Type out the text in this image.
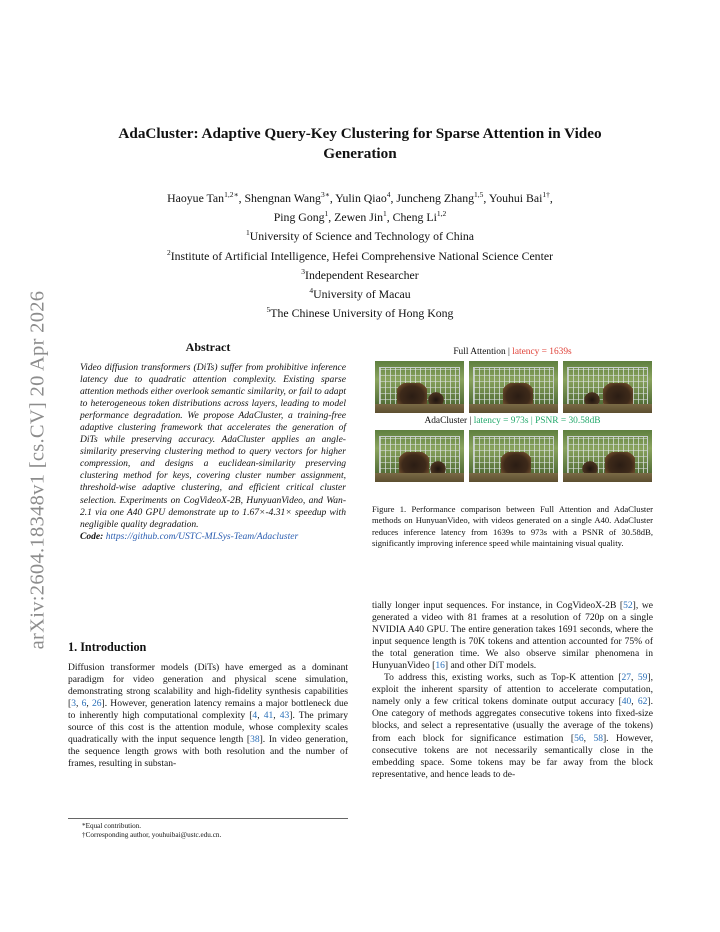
arXiv:2604.18348v1 [cs.CV] 20 Apr 2026
AdaCluster: Adaptive Query-Key Clustering for Sparse Attention in Video Generation
Haoyue Tan$^{1,2∗}$, Shengnan Wang$^{3∗}$, Yulin Qiao$^4$, Juncheng Zhang$^{1,5}$, Youhui Bai$^{1\dagger}$,
Ping Gong$^1$, Zewen Jin$^1$, Cheng Li$^{1,2}$
$^1$University of Science and Technology of China
$^2$Institute of Artificial Intelligence, Hefei Comprehensive National Science Center
$^3$Independent Researcher
$^4$University of Macau
$^5$The Chinese University of Hong Kong
Abstract
Video diffusion transformers (DiTs) suffer from prohibitive inference latency due to quadratic attention complexity. Existing sparse attention methods either overlook semantic similarity, or fail to adapt to heterogeneous token distributions across layers, leading to model performance degradation. We propose AdaCluster, a training-free adaptive clustering framework that accelerates the generation of DiTs while preserving accuracy. AdaCluster applies an angle-similarity preserving clustering method to query vectors for higher compression, and designs a euclidean-similarity preserving clustering method for keys, covering cluster number assignment, threshold-wise adaptive clustering, and efficient critical cluster selection. Experiments on CogVideoX-2B, HunyuanVideo, and Wan-2.1 via one A40 GPU demonstrate up to 1.67×-4.31× speedup with negligible quality degradation.
Code: https://github.com/USTC-MLSys-Team/Adacluster
1. Introduction
Diffusion transformer models (DiTs) have emerged as a dominant paradigm for video generation and physical scene simulation, demonstrating strong scalability and high-fidelity synthesis capabilities [3, 6, 26]. However, generation latency remains a major bottleneck due to inherently high computational complexity [4, 41, 43]. The primary source of this cost is the attention module, whose complexity scales quadratically with the input sequence length [38]. In video generation, the sequence length grows with both resolution and the number of frames, resulting in substan-
*Equal contribution.
†Corresponding author, youhuibai@ustc.edu.cn.
Full Attention | latency = 1639s
AdaCluster | latency = 973s | PSNR = 30.58dB
Figure 1. Performance comparison between Full Attention and AdaCluster methods on HunyuanVideo, with videos generated on a single A40. AdaCluster reduces inference latency from 1639s to 973s with a PSNR of 30.58dB, significantly improving inference speed while maintaining visual quality.

tially longer input sequences. For instance, in CogVideoX-2B [52], we generated a video with 81 frames at a resolution of 720p on a single NVIDIA A40 GPU. The entire generation takes 1691 seconds, where the input sequence length is 70K tokens and attention accounted for 75% of the total generation time. We also observe similar phenomena in HunyuanVideo [16] and other DiT models.

To address this, existing works, such as Top-K attention [27, 59], exploit the inherent sparsity of attention to accelerate computation, namely only a few critical tokens dominate output accuracy [40, 62]. One category of methods aggregates consecutive tokens into fixed-size blocks, and select a representative (usually the average of the tokens) from each block for significance estimation [56, 58]. However, consecutive tokens are not necessarily semantically close in the embedding space. Some tokens may be far away from the block representative, and hence leads to de-
